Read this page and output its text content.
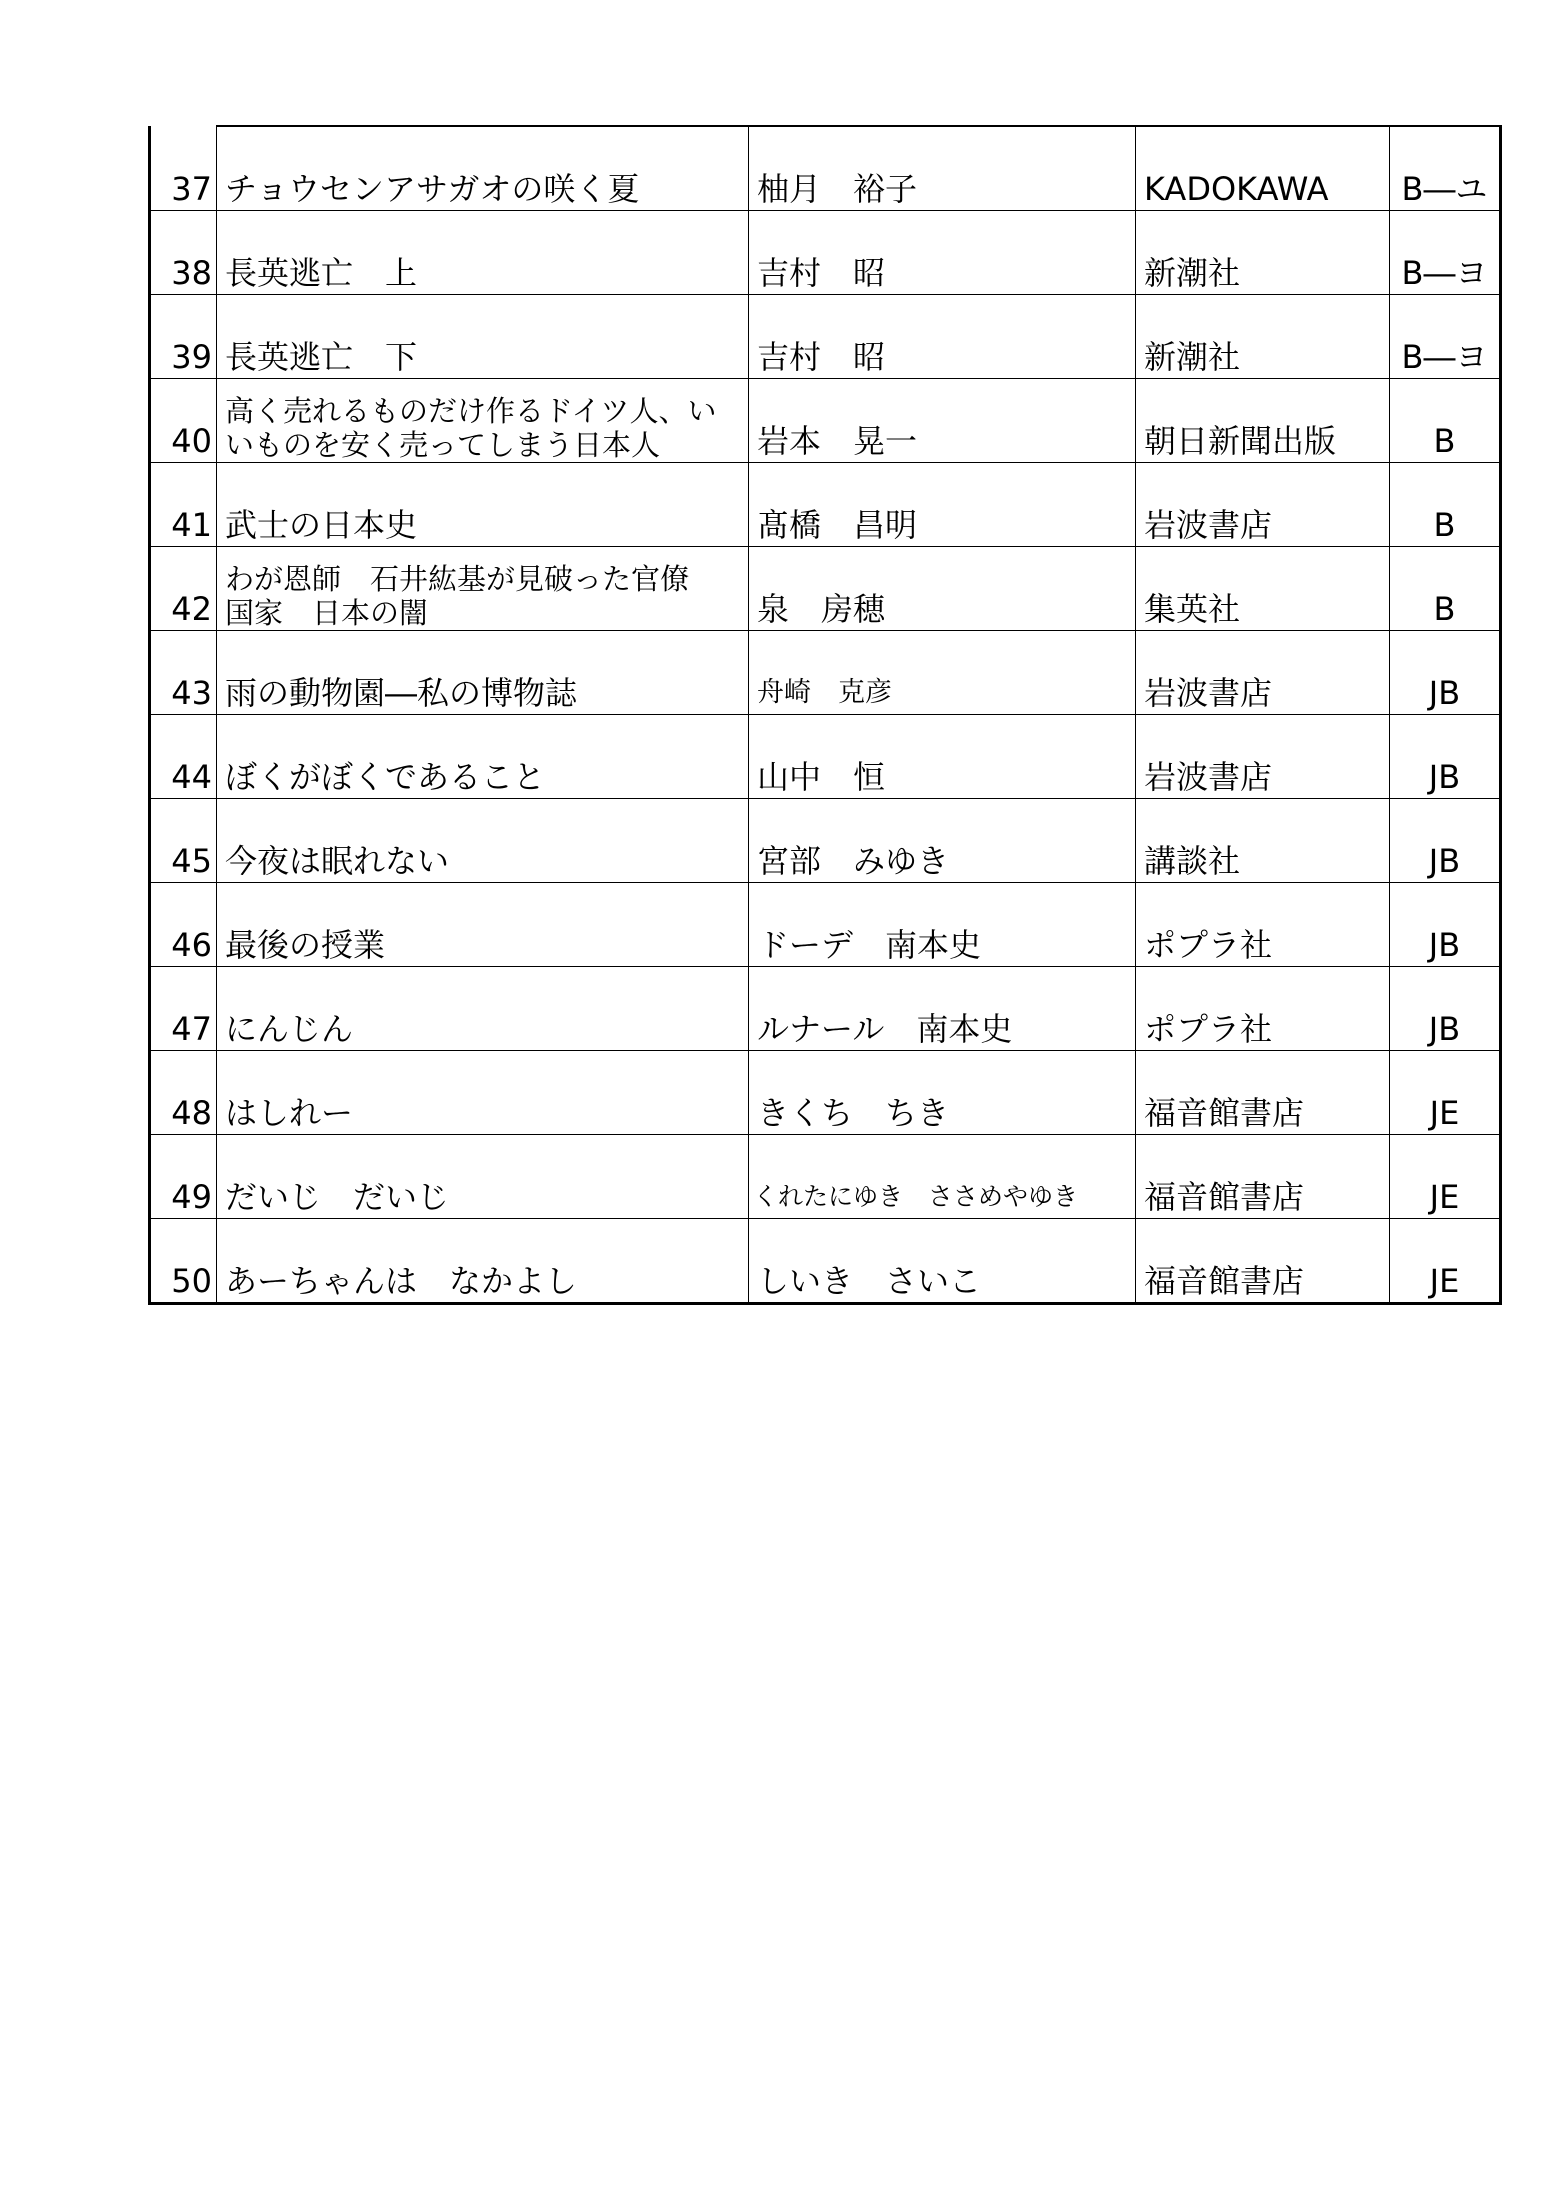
37	チョウセンアサガオの咲く夏	柚月　裕子	KADOKAWA	B―ユ
38	長英逃亡　上	吉村　昭	新潮社	B―ヨ
39	長英逃亡　下	吉村　昭	新潮社	B―ヨ
40	高く売れるものだけ作るドイツ人、い
いものを安く売ってしまう日本人	岩本　晃一	朝日新聞出版	B
41	武士の日本史	髙橋　昌明	岩波書店	B
42	わが恩師　石井紘基が見破った官僚
国家　日本の闇	泉　房穂	集英社	B
43	雨の動物園―私の博物誌	舟崎　克彦	岩波書店	JB
44	ぼくがぼくであること	山中　恒	岩波書店	JB
45	今夜は眠れない	宮部　みゆき	講談社	JB
46	最後の授業	ドーデ　南本史	ポプラ社	JB
47	にんじん	ルナール　南本史	ポプラ社	JB
48	はしれー	きくち　ちき	福音館書店	JE
49	だいじ　だいじ	くれたにゆき　ささめやゆき	福音館書店	JE
50	あーちゃんは　なかよし	しいき　さいこ	福音館書店	JE
